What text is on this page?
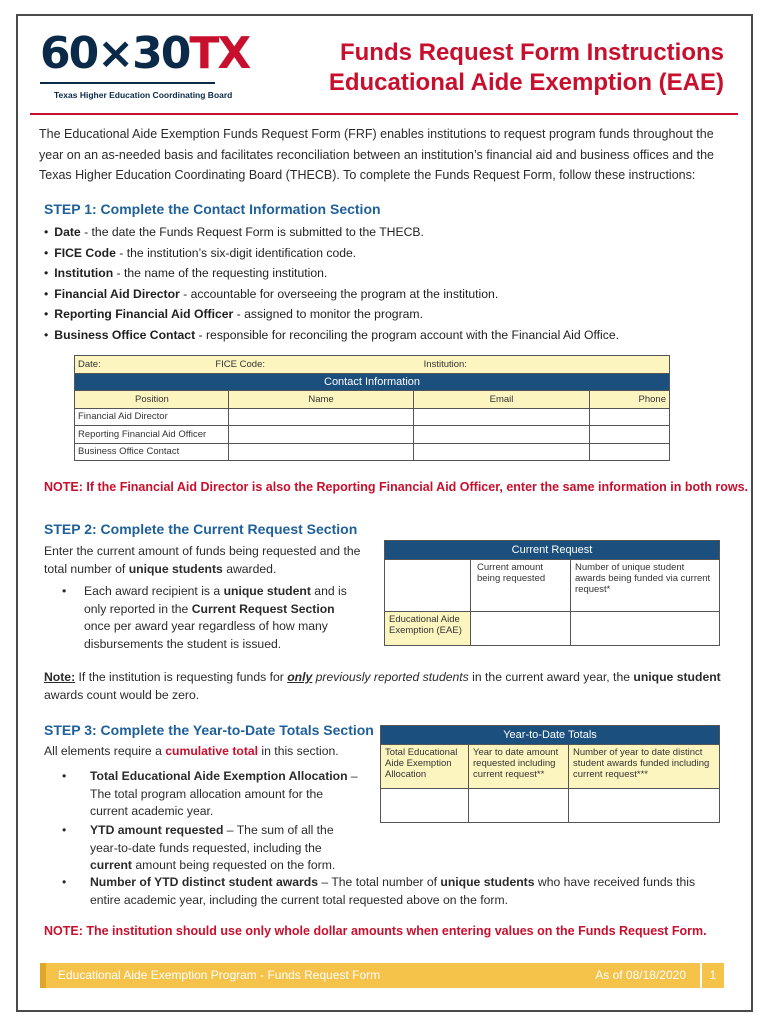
60×30TX
Texas Higher Education Coordinating Board
Funds Request Form Instructions
Educational Aide Exemption (EAE)
The Educational Aide Exemption Funds Request Form (FRF) enables institutions to request program funds throughout the year on an as-needed basis and facilitates reconciliation between an institution’s financial aid and business offices and the Texas Higher Education Coordinating Board (THECB). To complete the Funds Request Form, follow these instructions:
STEP 1: Complete the Contact Information Section
• Date - the date the Funds Request Form is submitted to the THECB.
• FICE Code - the institution’s six-digit identification code.
• Institution - the name of the requesting institution.
• Financial Aid Director - accountable for overseeing the program at the institution.
• Reporting Financial Aid Officer - assigned to monitor the program.
• Business Office Contact - responsible for reconciling the program account with the Financial Aid Office.
Date: FICE Code: Institution:			
Contact Information			
Position	Name	Email	Phone
Financial Aid Director			
Reporting Financial Aid Officer			
Business Office Contact			
NOTE: If the Financial Aid Director is also the Reporting Financial Aid Officer, enter the same information in both rows.
STEP 2: Complete the Current Request Section
Enter the current amount of funds being requested and the total number of unique students awarded.
• Each award recipient is a unique student and is only reported in the Current Request Section once per award year regardless of how many disbursements the student is issued.
Current Request		
	Current amount being requested	Number of unique student awards being funded via current request*
Educational Aide Exemption (EAE)		
Note: If the institution is requesting funds for only previously reported students in the current award year, the unique student awards count would be zero.
STEP 3: Complete the Year-to-Date Totals Section
All elements require a cumulative total in this section.
• Total Educational Aide Exemption Allocation – The total program allocation amount for the current academic year.
• YTD amount requested – The sum of all the year-to-date funds requested, including the current amount being requested on the form.
• Number of YTD distinct student awards – The total number of unique students who have received funds this entire academic year, including the current total requested above on the form.
Year-to-Date Totals		
Total Educational Aide Exemption Allocation	Year to date amount requested including current request**	Number of year to date distinct student awards funded including current request***

NOTE: The institution should use only whole dollar amounts when entering values on the Funds Request Form.
Educational Aide Exemption Program - Funds Request Form	As of 08/18/2020	1
